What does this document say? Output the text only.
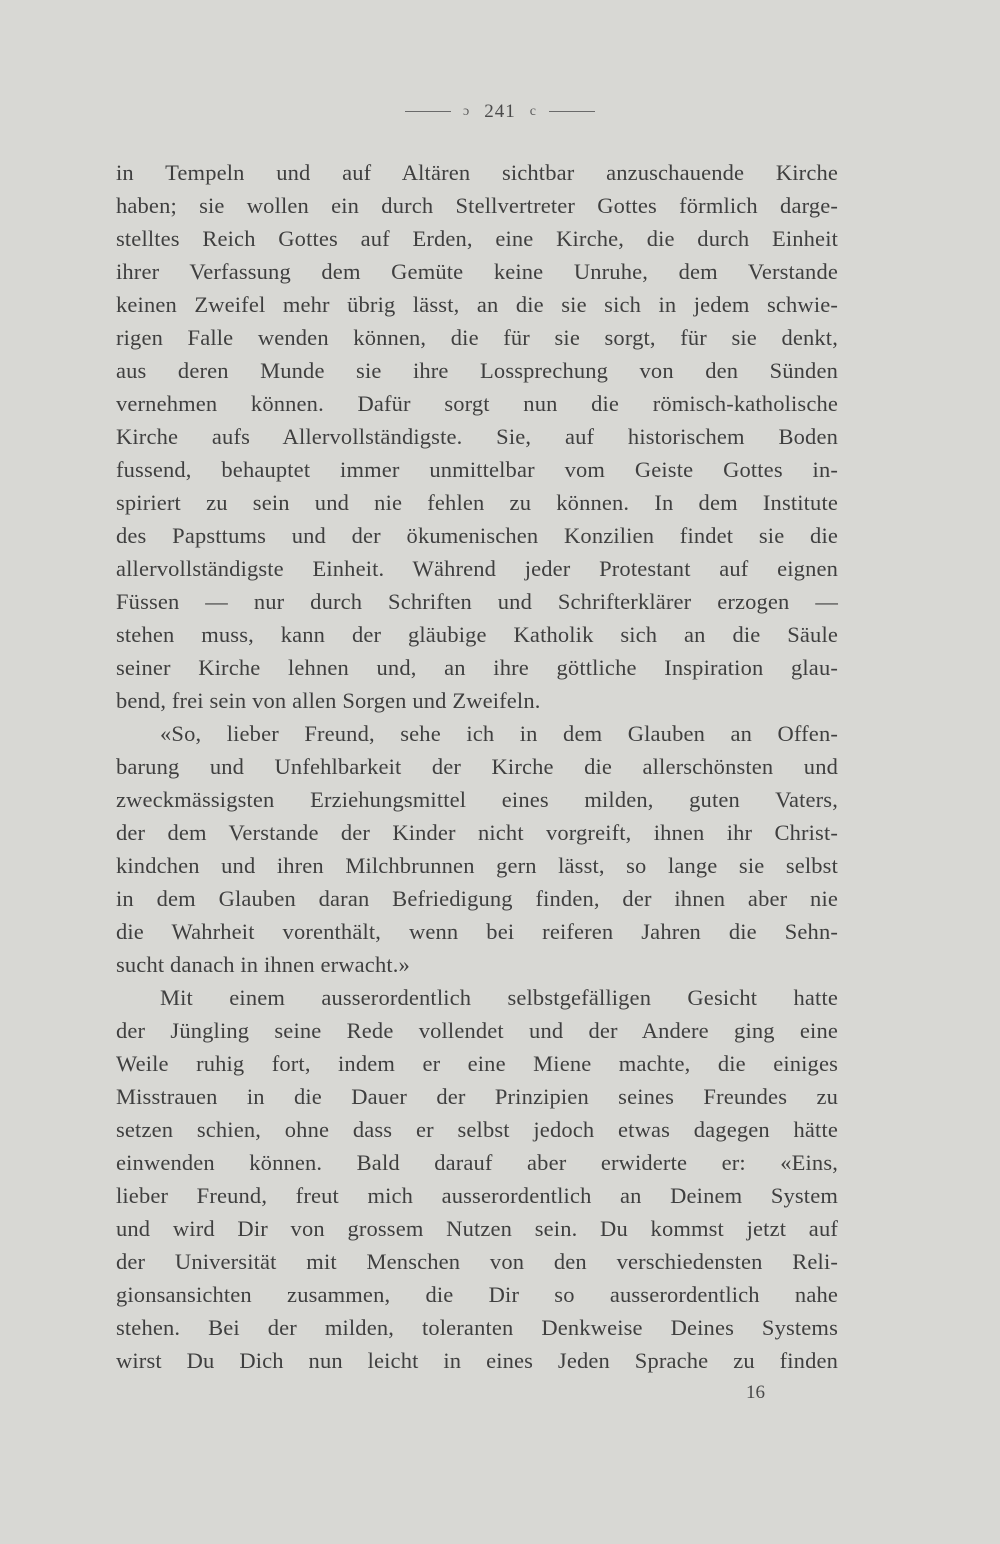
ɔ 241 c
in Tempeln und auf Altären sichtbar anzuschauende Kirche
haben; sie wollen ein durch Stellvertreter Gottes förmlich darge-
stelltes Reich Gottes auf Erden, eine Kirche, die durch Einheit
ihrer Verfassung dem Gemüte keine Unruhe, dem Verstande
keinen Zweifel mehr übrig lässt, an die sie sich in jedem schwie-
rigen Falle wenden können, die für sie sorgt, für sie denkt,
aus deren Munde sie ihre Lossprechung von den Sünden
vernehmen können. Dafür sorgt nun die römisch-katholische
Kirche aufs Allervollständigste. Sie, auf historischem Boden
fussend, behauptet immer unmittelbar vom Geiste Gottes in-
spiriert zu sein und nie fehlen zu können. In dem Institute
des Papsttums und der ökumenischen Konzilien findet sie die
allervollständigste Einheit. Während jeder Protestant auf eignen
Füssen — nur durch Schriften und Schrifterklärer erzogen —
stehen muss, kann der gläubige Katholik sich an die Säule
seiner Kirche lehnen und, an ihre göttliche Inspiration glau-
bend, frei sein von allen Sorgen und Zweifeln.
«So, lieber Freund, sehe ich in dem Glauben an Offen-
barung und Unfehlbarkeit der Kirche die allerschönsten und
zweckmässigsten Erziehungsmittel eines milden, guten Vaters,
der dem Verstande der Kinder nicht vorgreift, ihnen ihr Christ-
kindchen und ihren Milchbrunnen gern lässt, so lange sie selbst
in dem Glauben daran Befriedigung finden, der ihnen aber nie
die Wahrheit vorenthält, wenn bei reiferen Jahren die Sehn-
sucht danach in ihnen erwacht.»
Mit einem ausserordentlich selbstgefälligen Gesicht hatte
der Jüngling seine Rede vollendet und der Andere ging eine
Weile ruhig fort, indem er eine Miene machte, die einiges
Misstrauen in die Dauer der Prinzipien seines Freundes zu
setzen schien, ohne dass er selbst jedoch etwas dagegen hätte
einwenden können. Bald darauf aber erwiderte er: «Eins,
lieber Freund, freut mich ausserordentlich an Deinem System
und wird Dir von grossem Nutzen sein. Du kommst jetzt auf
der Universität mit Menschen von den verschiedensten Reli-
gionsansichten zusammen, die Dir so ausserordentlich nahe
stehen. Bei der milden, toleranten Denkweise Deines Systems
wirst Du Dich nun leicht in eines Jeden Sprache zu finden
16
